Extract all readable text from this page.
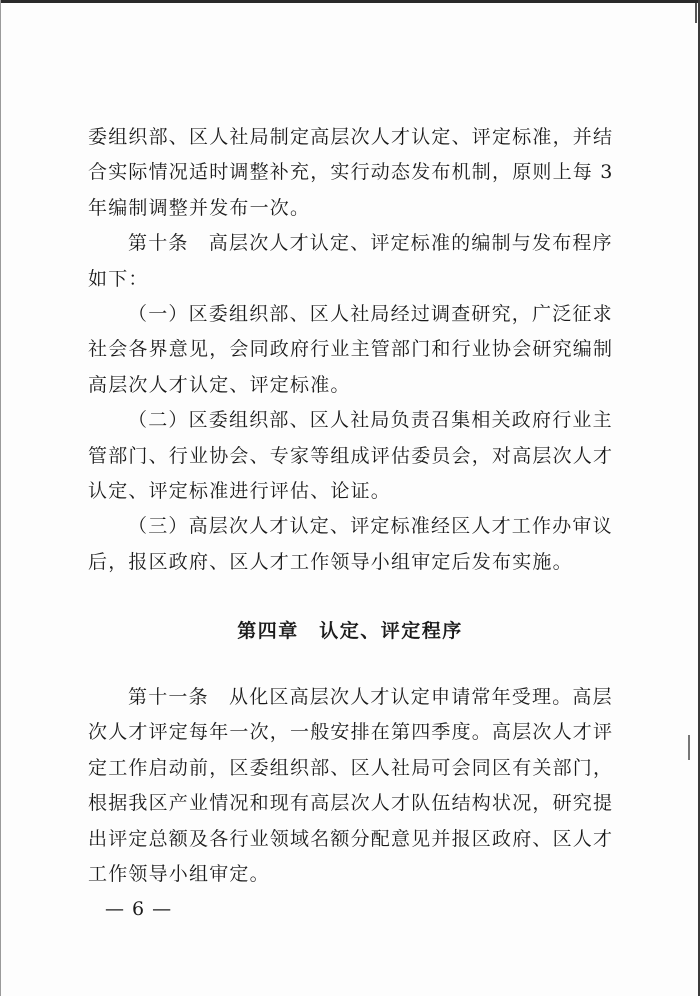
委组织部、区人社局制定高层次人才认定、评定标准，并结
合实际情况适时调整补充，实行动态发布机制，原则上每 3
年编制调整并发布一次。
第十条　高层次人才认定、评定标准的编制与发布程序
如下：
（一）区委组织部、区人社局经过调查研究，广泛征求
社会各界意见，会同政府行业主管部门和行业协会研究编制
高层次人才认定、评定标准。
（二）区委组织部、区人社局负责召集相关政府行业主
管部门、行业协会、专家等组成评估委员会，对高层次人才
认定、评定标准进行评估、论证。
（三）高层次人才认定、评定标准经区人才工作办审议
后，报区政府、区人才工作领导小组审定后发布实施。
第四章　认定、评定程序
第十一条　从化区高层次人才认定申请常年受理。高层
次人才评定每年一次，一般安排在第四季度。高层次人才评
定工作启动前，区委组织部、区人社局可会同区有关部门，
根据我区产业情况和现有高层次人才队伍结构状况，研究提
出评定总额及各行业领域名额分配意见并报区政府、区人才
工作领导小组审定。
— 6 —
